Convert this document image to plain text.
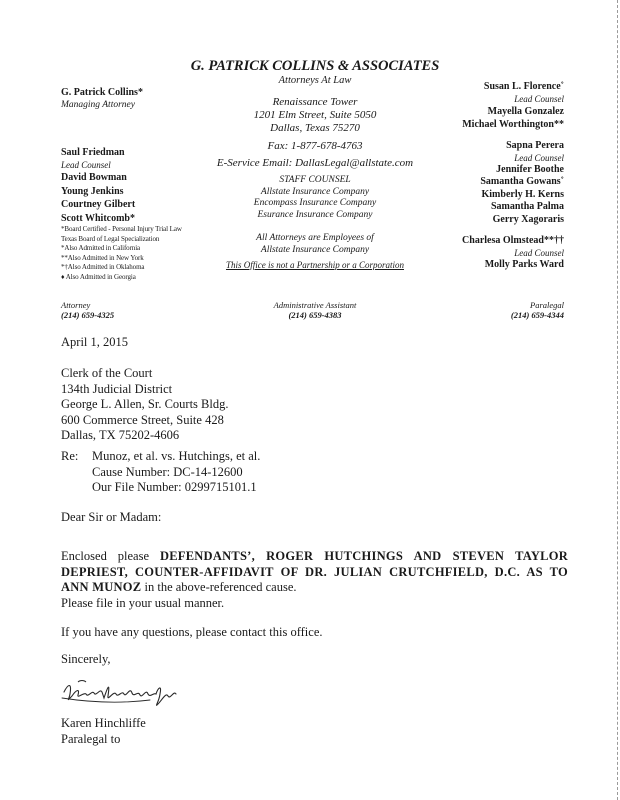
G. PATRICK COLLINS & ASSOCIATES
Attorneys At Law
Renaissance Tower
1201 Elm Street, Suite 5050
Dallas, Texas 75270
Fax: 1-877-678-4763
E-Service Email: DallasLegal@allstate.com
STAFF COUNSEL
Allstate Insurance Company
Encompass Insurance Company
Esurance Insurance Company
All Attorneys are Employees of
Allstate Insurance Company
This Office is not a Partnership or a Corporation
G. Patrick Collins*
Managing Attorney
Saul Friedman
Lead Counsel
David Bowman
Young Jenkins
Courtney Gilbert
Scott Whitcomb*
*Board Certified - Personal Injury Trial Law
Texas Board of Legal Specialization
*Also Admitted in California
**Also Admitted in New York
*†Also Admitted in Oklahoma
♦ Also Admitted in Georgia
Susan L. Florence˚
Lead Counsel
Mayella Gonzalez
Michael Worthington**
Sapna Perera
Lead Counsel
Jennifer Boothe
Samantha Gowans˚
Kimberly H. Kerns
Samantha Palma
Gerry Xagoraris
Charlesa Olmstead**††
Lead Counsel
Molly Parks Ward
Attorney
(214) 659-4325
Administrative Assistant
(214) 659-4383
Paralegal
(214) 659-4344
April 1, 2015
Clerk of the Court
134th Judicial District
George L. Allen, Sr. Courts Bldg.
600 Commerce Street, Suite 428
Dallas, TX 75202-4606
Re: Munoz, et al. vs. Hutchings, et al.
Cause Number: DC-14-12600
Our File Number: 0299715101.1
Dear Sir or Madam:
Enclosed please DEFENDANTS’, ROGER HUTCHINGS AND STEVEN TAYLOR DEPRIEST, COUNTER-AFFIDAVIT OF DR. JULIAN CRUTCHFIELD, D.C. AS TO ANN MUNOZ in the above-referenced cause.
Please file in your usual manner.
If you have any questions, please contact this office.
Sincerely,
Karen Hinchliffe
Paralegal to
